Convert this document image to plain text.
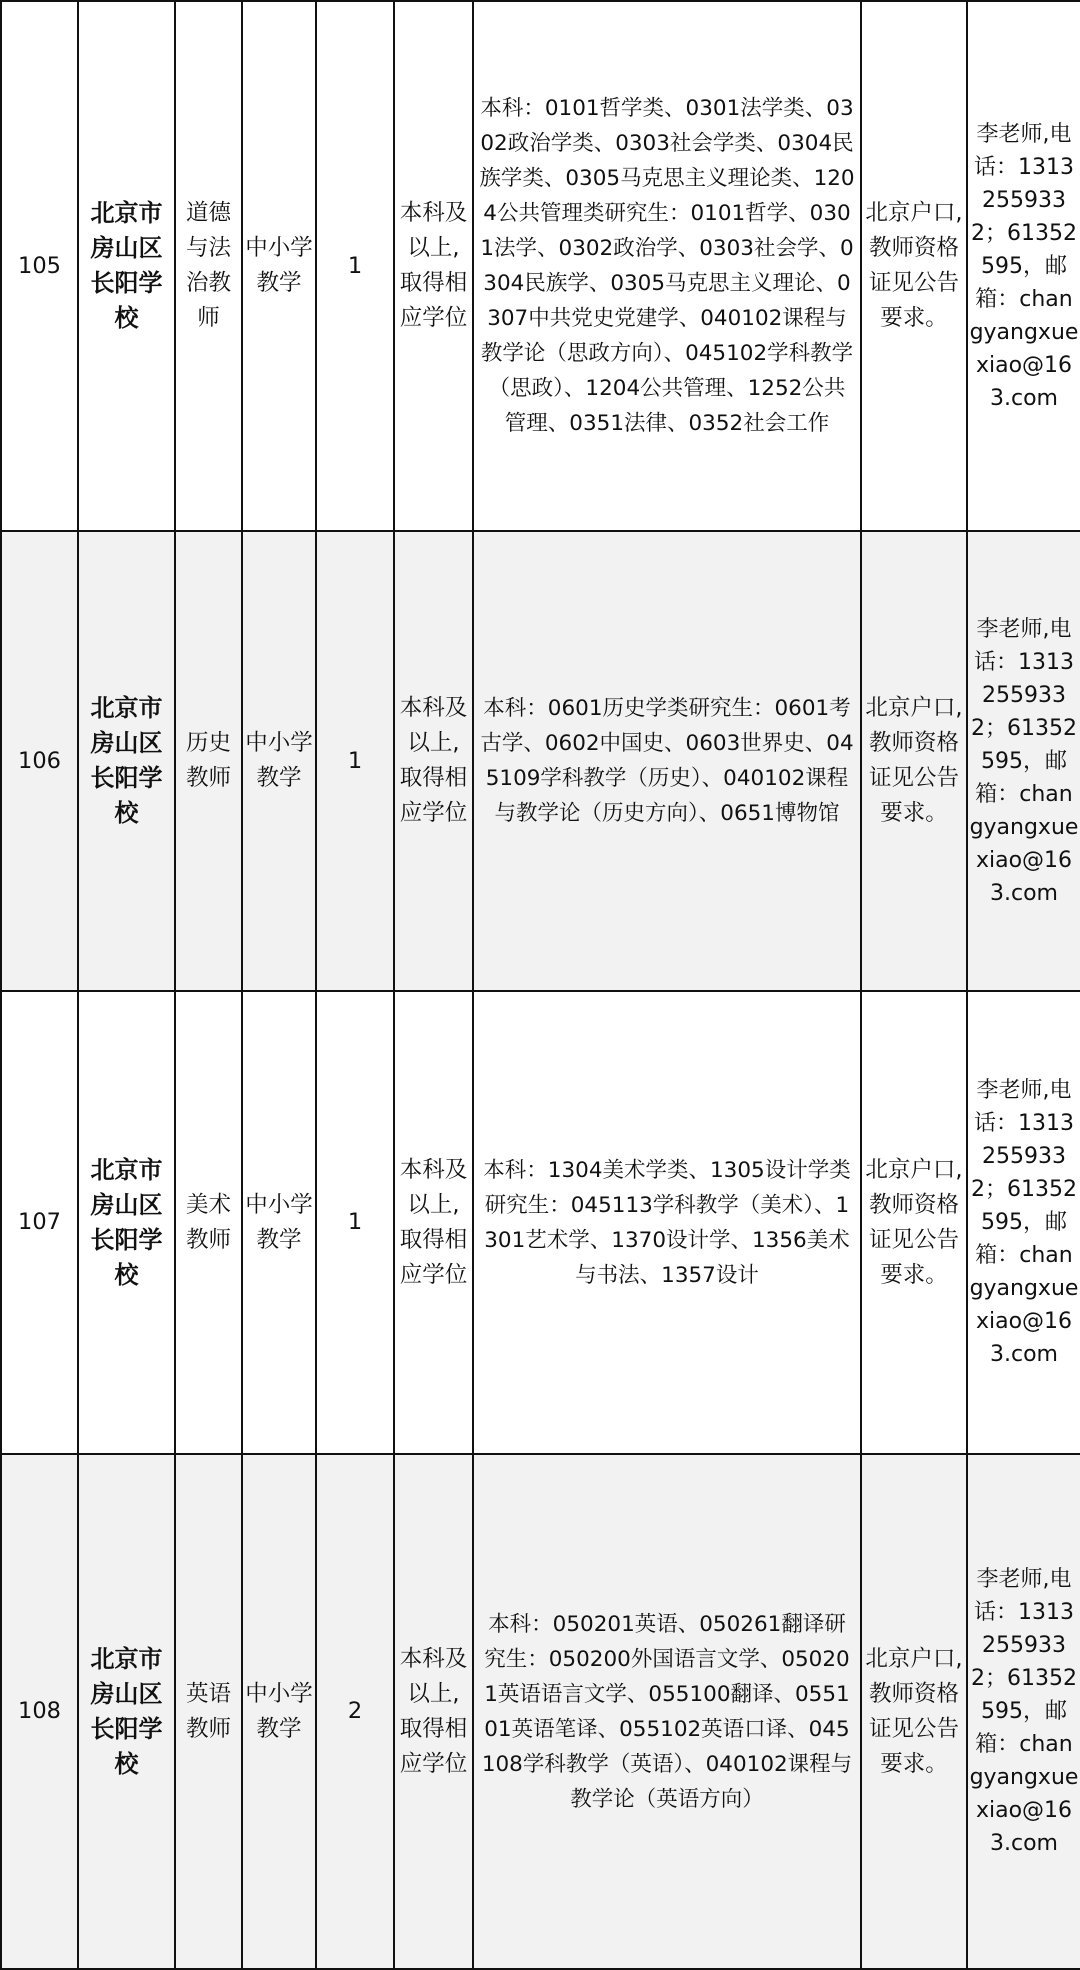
105	北京市房山区长阳学校	道德与法治教师	中小学教学	1	本科及以上,取得相应学位	本科：0101哲学类、0301法学类、0302政治学类、0303社会学类、0304民族学类、0305马克思主义理论类、1204公共管理类研究生：0101哲学、0301法学、0302政治学、0303社会学、0304民族学、0305马克思主义理论、0307中共党史党建学、040102课程与教学论（思政方向）、045102学科教学（思政）、1204公共管理、1252公共管理、0351法律、0352社会工作	北京户口,教师资格证见公告要求。	李老师,电话：13132559332；61352595，邮箱：changyangxuexiao@163.com
106	北京市房山区长阳学校	历史教师	中小学教学	1	本科及以上,取得相应学位	本科：0601历史学类研究生：0601考古学、0602中国史、0603世界史、045109学科教学（历史）、040102课程与教学论（历史方向）、0651博物馆	北京户口,教师资格证见公告要求。	李老师,电话：13132559332；61352595，邮箱：changyangxuexiao@163.com
107	北京市房山区长阳学校	美术教师	中小学教学	1	本科及以上,取得相应学位	本科：1304美术学类、1305设计学类研究生：045113学科教学（美术）、1301艺术学、1370设计学、1356美术与书法、1357设计	北京户口,教师资格证见公告要求。	李老师,电话：13132559332；61352595，邮箱：changyangxuexiao@163.com
108	北京市房山区长阳学校	英语教师	中小学教学	2	本科及以上,取得相应学位	本科：050201英语、050261翻译研究生：050200外国语言文学、050201英语语言文学、055100翻译、055101英语笔译、055102英语口译、045108学科教学（英语）、040102课程与教学论（英语方向）	北京户口,教师资格证见公告要求。	李老师,电话：13132559332；61352595，邮箱：changyangxuexiao@163.com
